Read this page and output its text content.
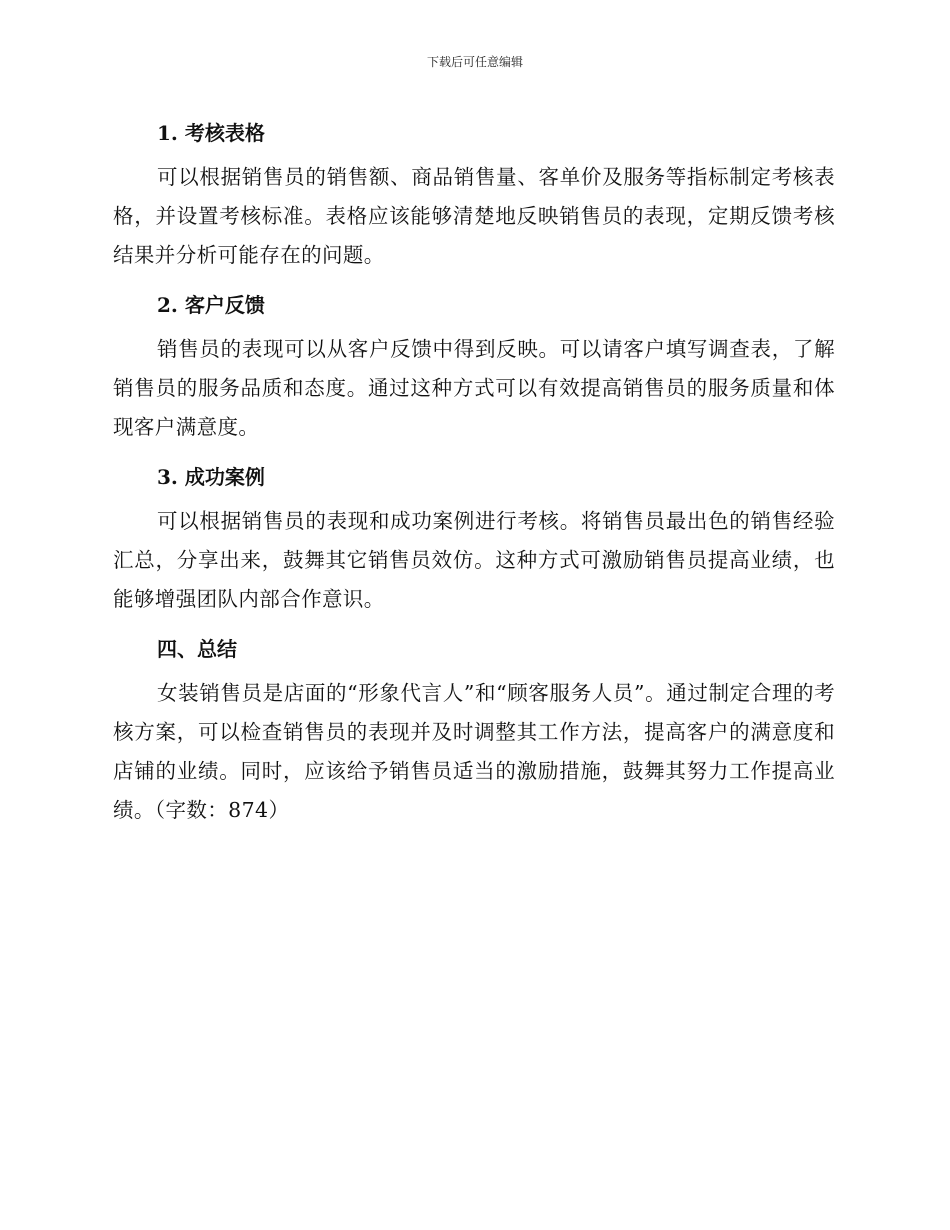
下载后可任意编辑
1. 考核表格

可以根据销售员的销售额、商品销售量、客单价及服务等指标制定考核表格，并设置考核标准。表格应该能够清楚地反映销售员的表现，定期反馈考核结果并分析可能存在的问题。

2. 客户反馈

销售员的表现可以从客户反馈中得到反映。可以请客户填写调查表，了解销售员的服务品质和态度。通过这种方式可以有效提高销售员的服务质量和体现客户满意度。

3. 成功案例

可以根据销售员的表现和成功案例进行考核。将销售员最出色的销售经验汇总，分享出来，鼓舞其它销售员效仿。这种方式可激励销售员提高业绩，也能够增强团队内部合作意识。

四、总结

女装销售员是店面的“形象代言人”和“顾客服务人员”。通过制定合理的考核方案，可以检查销售员的表现并及时调整其工作方法，提高客户的满意度和店铺的业绩。同时，应该给予销售员适当的激励措施，鼓舞其努力工作提高业绩。（字数：874）
